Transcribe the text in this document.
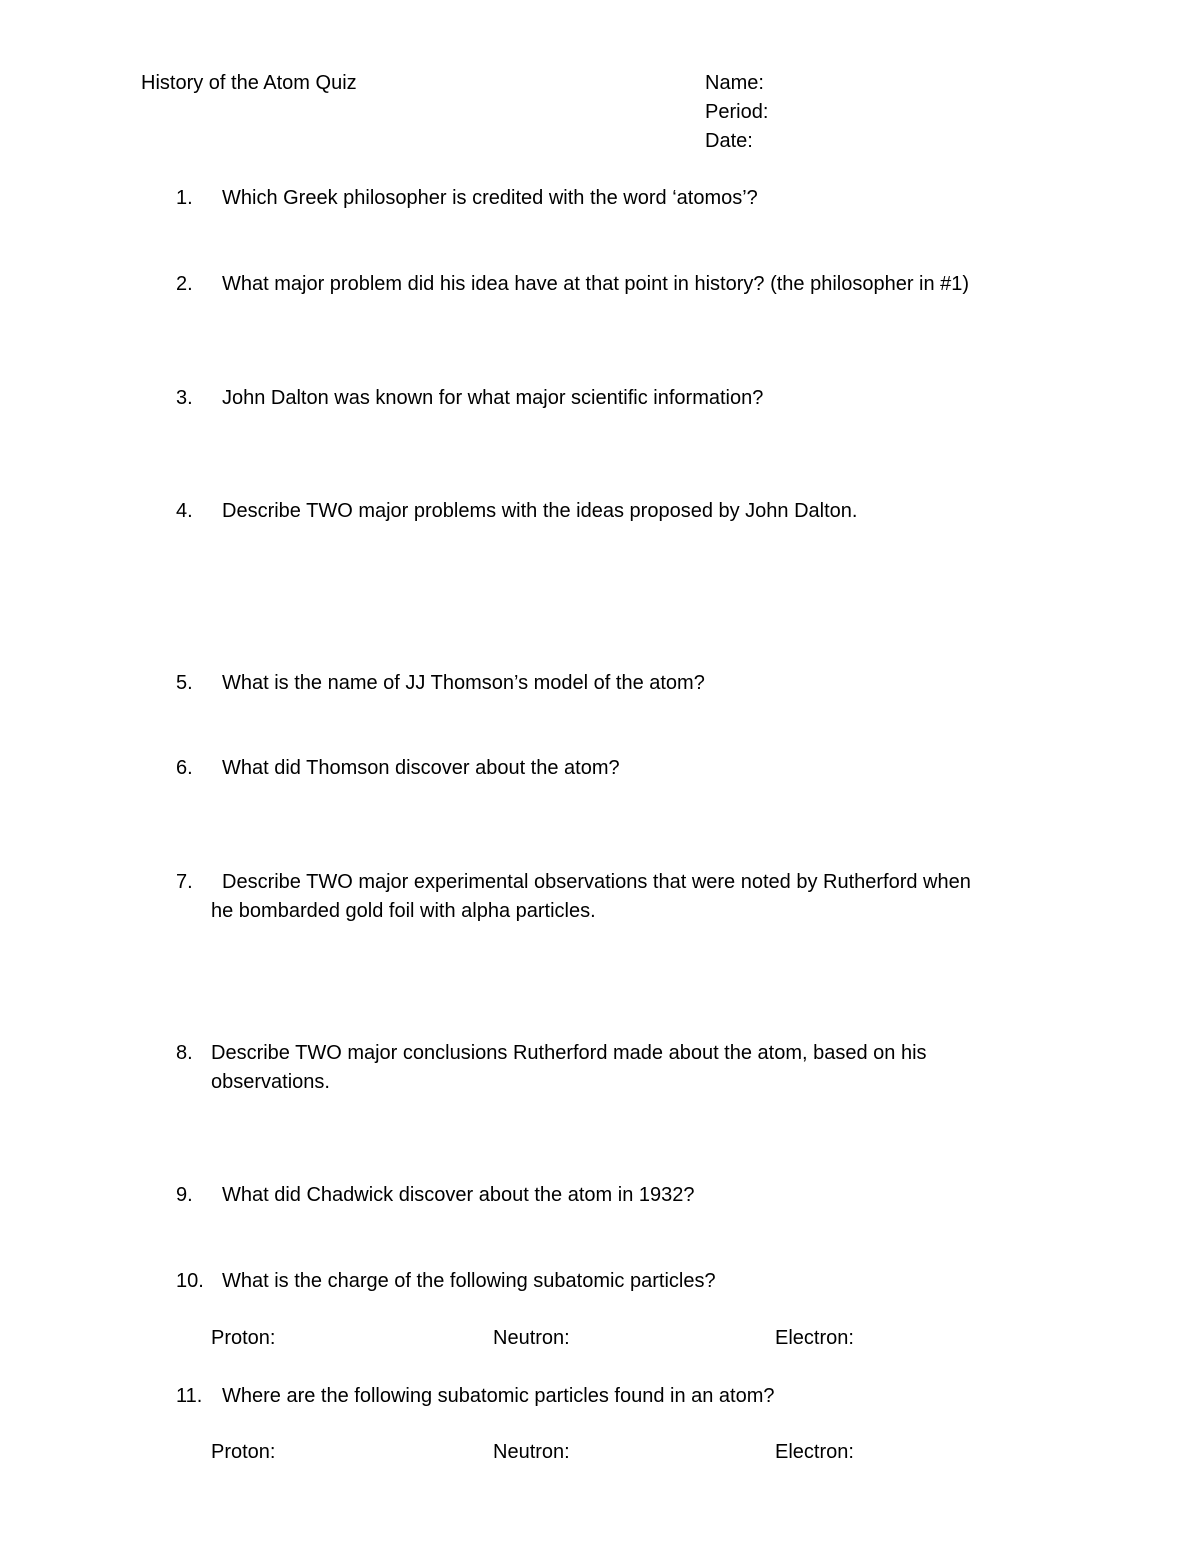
History of the Atom Quiz	Name:
Period:
Date:
1. Which Greek philosopher is credited with the word ‘atomos’?
2. What major problem did his idea have at that point in history? (the philosopher in #1)
3. John Dalton was known for what major scientific information?
4. Describe TWO major problems with the ideas proposed by John Dalton.
5. What is the name of JJ Thomson’s model of the atom?
6. What did Thomson discover about the atom?
7. Describe TWO major experimental observations that were noted by Rutherford when
he bombarded gold foil with alpha particles.
8. Describe TWO major conclusions Rutherford made about the atom, based on his
observations.
9. What did Chadwick discover about the atom in 1932?
10. What is the charge of the following subatomic particles?
Proton:	Neutron:	Electron:
11. Where are the following subatomic particles found in an atom?
Proton:	Neutron:	Electron:
